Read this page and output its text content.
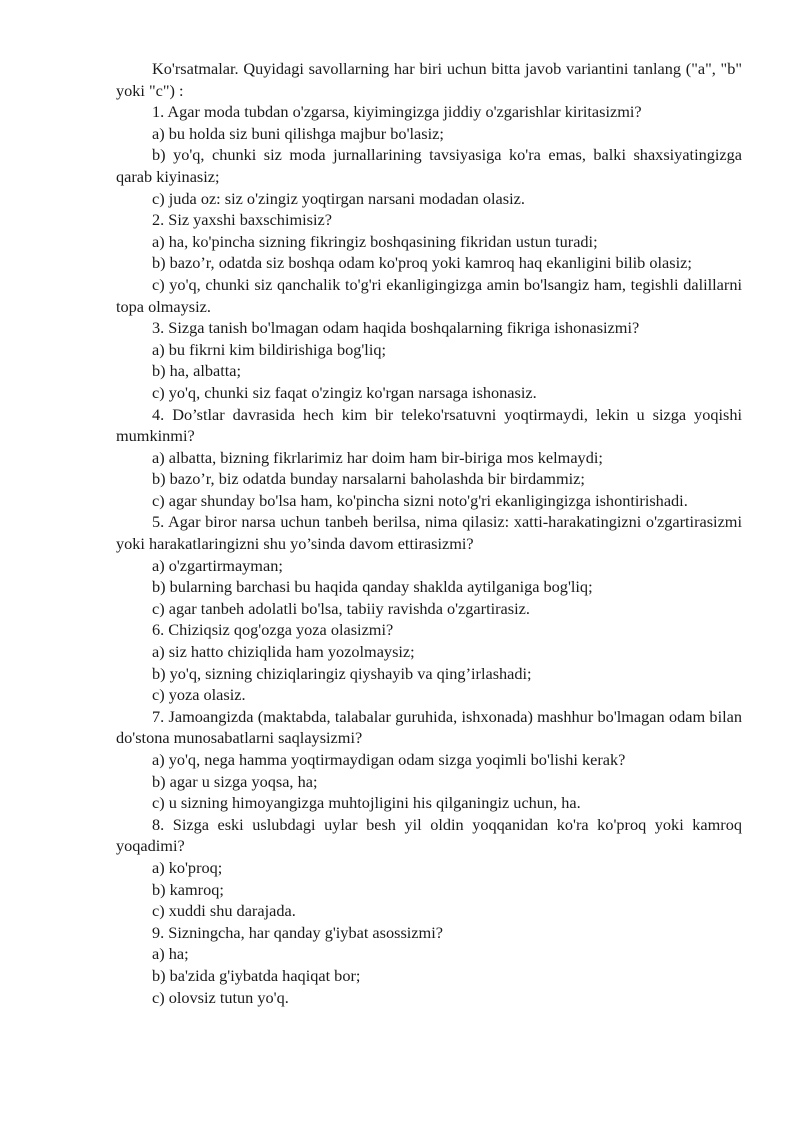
Ko'rsatmalar. Quyidagi savollarning har biri uchun bitta javob variantini tanlang ("a", "b" yoki "c") :

1. Agar moda tubdan o'zgarsa, kiyimingizga jiddiy o'zgarishlar kiritasizmi?

a) bu holda siz buni qilishga majbur bo'lasiz;

b) yo'q, chunki siz moda jurnallarining tavsiyasiga ko'ra emas, balki shaxsiyatingizga qarab kiyinasiz;

c) juda oz: siz o'zingiz yoqtirgan narsani modadan olasiz.

2. Siz yaxshi baxschimisiz?

a) ha, ko'pincha sizning fikringiz boshqasining fikridan ustun turadi;

b) bazo’r, odatda siz boshqa odam ko'proq yoki kamroq haq ekanligini bilib olasiz;

c) yo'q, chunki siz qanchalik to'g'ri ekanligingizga amin bo'lsangiz ham, tegishli dalillarni topa olmaysiz.

3. Sizga tanish bo'lmagan odam haqida boshqalarning fikriga ishonasizmi?

a) bu fikrni kim bildirishiga bog'liq;

b) ha, albatta;

c) yo'q, chunki siz faqat o'zingiz ko'rgan narsaga ishonasiz.

4. Do’stlar davrasida hech kim bir teleko'rsatuvni yoqtirmaydi, lekin u sizga yoqishi mumkinmi?

a) albatta, bizning fikrlarimiz har doim ham bir-biriga mos kelmaydi;

b) bazo’r, biz odatda bunday narsalarni baholashda bir birdammiz;

c) agar shunday bo'lsa ham, ko'pincha sizni noto'g'ri ekanligingizga ishontirishadi.

5. Agar biror narsa uchun tanbeh berilsa, nima qilasiz: xatti-harakatingizni o'zgartirasizmi yoki harakatlaringizni shu yo’sinda davom ettirasizmi?

a) o'zgartirmayman;

b) bularning barchasi bu haqida qanday shaklda aytilganiga bog'liq;

c) agar tanbeh adolatli bo'lsa, tabiiy ravishda o'zgartirasiz.

6. Chiziqsiz qog'ozga yoza olasizmi?

a) siz hatto chiziqlida ham yozolmaysiz;

b) yo'q, sizning chiziqlaringiz qiyshayib va qing’irlashadi;

c) yoza olasiz.

7. Jamoangizda (maktabda, talabalar guruhida, ishxonada) mashhur bo'lmagan odam bilan do'stona munosabatlarni saqlaysizmi?

a) yo'q, nega hamma yoqtirmaydigan odam sizga yoqimli bo'lishi kerak?

b) agar u sizga yoqsa, ha;

c) u sizning himoyangizga muhtojligini his qilganingiz uchun, ha.

8. Sizga eski uslubdagi uylar besh yil oldin yoqqanidan ko'ra ko'proq yoki kamroq yoqadimi?

a) ko'proq;

b) kamroq;

c) xuddi shu darajada.

9. Sizningcha, har qanday g'iybat asossizmi?

a) ha;

b) ba'zida g'iybatda haqiqat bor;

c) olovsiz tutun yo'q.
